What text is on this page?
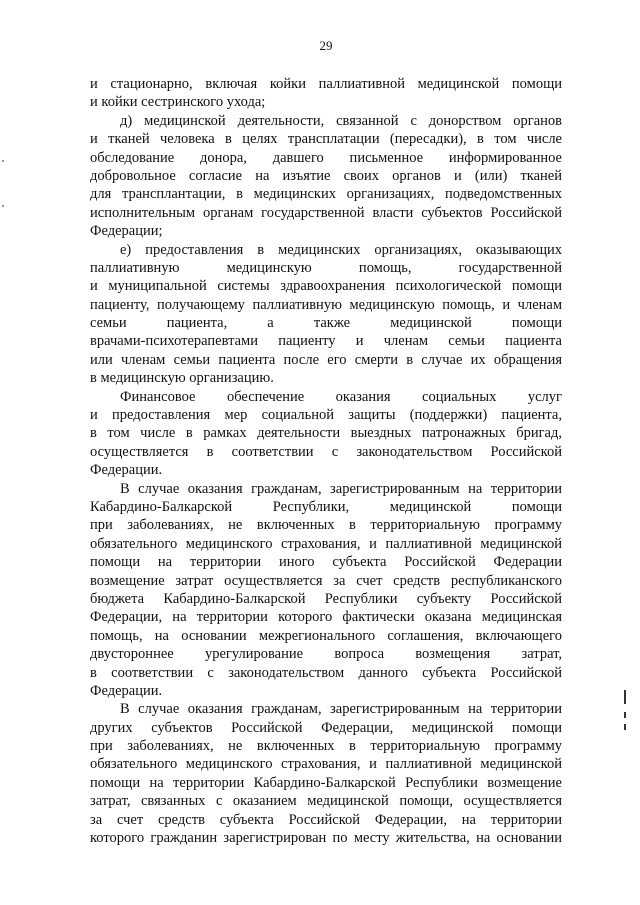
29
и стационарно, включая койки паллиативной медицинской помощи
и койки сестринского ухода;
д) медицинской деятельности, связанной с донорством органов
и тканей человека в целях трансплатации (пересадки), в том числе
обследование донора, давшего письменное информированное
добровольное согласие на изъятие своих органов и (или) тканей
для трансплантации, в медицинских организациях, подведомственных
исполнительным органам государственной власти субъектов Российской
Федерации;
е) предоставления в медицинских организациях, оказывающих
паллиативную медицинскую помощь, государственной
и муниципальной системы здравоохранения психологической помощи
пациенту, получающему паллиативную медицинскую помощь, и членам
семьи пациента, а также медицинской помощи
врачами-психотерапевтами пациенту и членам семьи пациента
или членам семьи пациента после его смерти в случае их обращения
в медицинскую организацию.
Финансовое обеспечение оказания социальных услуг
и предоставления мер социальной защиты (поддержки) пациента,
в том числе в рамках деятельности выездных патронажных бригад,
осуществляется в соответствии с законодательством Российской
Федерации.
В случае оказания гражданам, зарегистрированным на территории
Кабардино-Балкарской Республики, медицинской помощи
при заболеваниях, не включенных в территориальную программу
обязательного медицинского страхования, и паллиативной медицинской
помощи на территории иного субъекта Российской Федерации
возмещение затрат осуществляется за счет средств республиканского
бюджета Кабардино-Балкарской Республики субъекту Российской
Федерации, на территории которого фактически оказана медицинская
помощь, на основании межрегионального соглашения, включающего
двустороннее урегулирование вопроса возмещения затрат,
в соответствии с законодательством данного субъекта Российской
Федерации.
В случае оказания гражданам, зарегистрированным на территории
других субъектов Российской Федерации, медицинской помощи
при заболеваниях, не включенных в территориальную программу
обязательного медицинского страхования, и паллиативной медицинской
помощи на территории Кабардино-Балкарской Республики возмещение
затрат, связанных с оказанием медицинской помощи, осуществляется
за счет средств субъекта Российской Федерации, на территории
которого гражданин зарегистрирован по месту жительства, на основании
